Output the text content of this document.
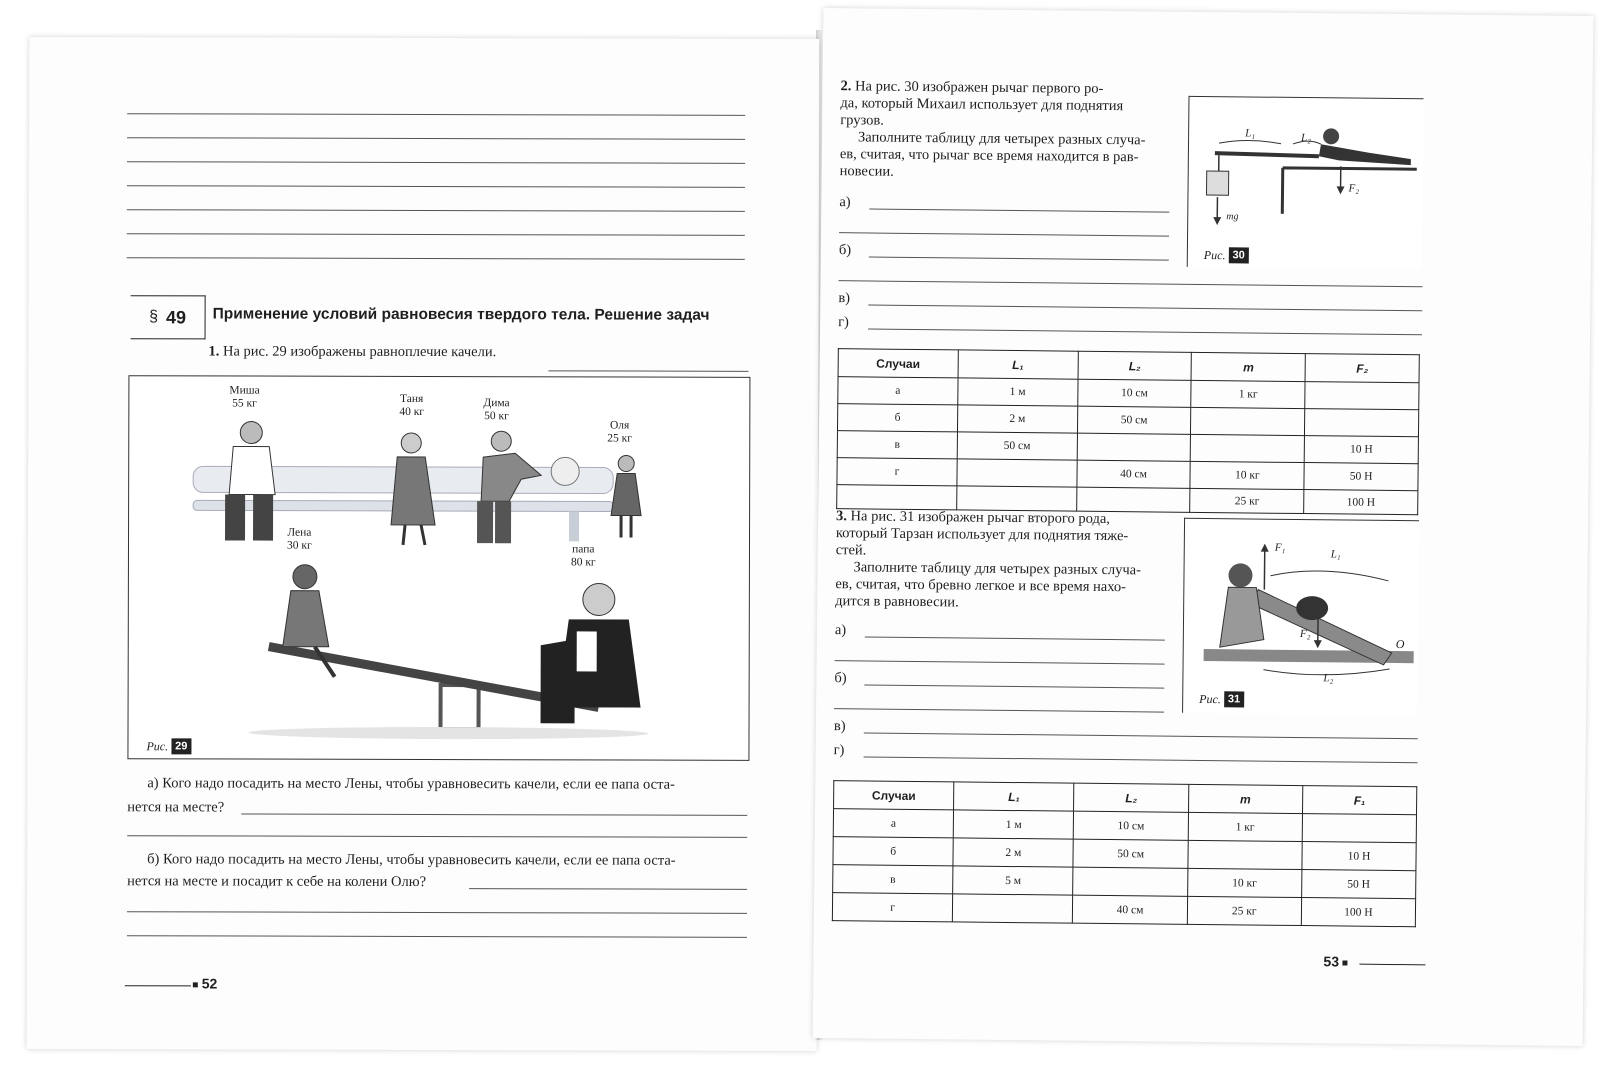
§ 49 Применение условий равновесия твердого тела. Решение задач
1. На рис. 29 изображены равноплечие качели.
Миша
55 кг	Таня
40 кг
Дима
50 кг
Оля
25 кг
Лена
30 кг	папа
80 кг
Рис. 29
а) Кого надо посадить на место Лены, чтобы уравновесить качели, если ее папа оста-
нется на месте?
б) Кого надо посадить на место Лены, чтобы уравновесить качели, если ее папа оста-
нется на месте и посадит к себе на колени Олю?
52
2. На рис. 30 изображен рычаг первого ро-
да, который Михаил использует для поднятия
грузов.
Заполните таблицу для четырех разных случа-
ев, считая, что рычаг все время находится в рав-
новесии.
а)
б)
в)
г)
L₁	L₂
F₂
mg
Рис. 30
Случаи	L₁	L₂	m	F₂
а	1 м	10 см	1 кг	
б	2 м	50 см		
в	50 см			10 Н
г		40 см	10 кг	50 Н
			25 кг	100 Н
3. На рис. 31 изображен рычаг второго рода,
который Тарзан использует для поднятия тяже-
стей.
Заполните таблицу для четырех разных случа-
ев, считая, что бревно легкое и все время нахо-
дится в равновесии.
а)
б)
в)
г)
F₁
L₁
F₂
O
L₂
Рис. 31
Случаи	L₁	L₂	m	F₁
а	1 м	10 см	1 кг	
б	2 м	50 см		10 Н
в	5 м		10 кг	50 Н
г		40 см	25 кг	100 Н
53
